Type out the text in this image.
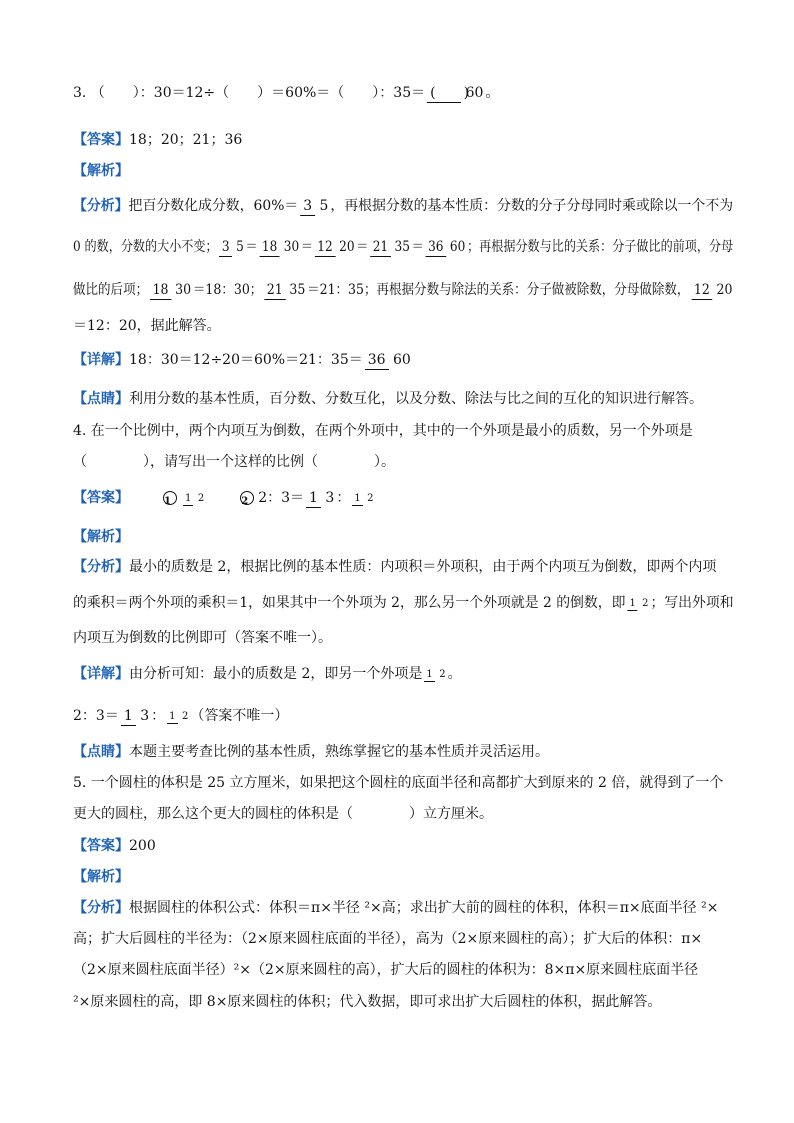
3. （　　）：30＝12÷（　　）＝60%＝（　　）：35＝ (　　) 60 。
【答案】 18；20；21；36
【解析】
【分析】 把百分数化成分数，60%＝ 3 5 ，再根据分数的基本性质：分数的分子分母同时乘或除以一个不为
0 的数，分数的大小不变； 3 5 ＝ 18 30 ＝ 12 20 ＝ 21 35 ＝ 36 60 ；再根据分数与比的关系：分子做比的前项，分母
做比的后项； 18 30 ＝18：30； 21 35 ＝21：35；再根据分数与除法的关系：分子做被除数，分母做除数， 12 20
＝12：20，据此解答。
【详解】 18：30＝12÷20＝60%＝21：35＝ 36 60
【点睛】 利用分数的基本性质，百分数、分数互化，以及分数、除法与比之间的互化的知识进行解答。
4. 在一个比例中，两个内项互为倒数，在两个外项中，其中的一个外项是最小的质数，另一个外项是
（　　　　），请写出一个这样的比例（　　　　）。
【答案】	1	1 2	2 2：3＝ 1 3 ： 1 2
【解析】
【分析】 最小的质数是 2，根据比例的基本性质：内项积＝外项积，由于两个内项互为倒数，即两个内项
的乘积＝两个外项的乘积＝1，如果其中一个外项为 2，那么另一个外项就是 2 的倒数，即 1 2 ；写出外项和
内项互为倒数的比例即可（答案不唯一）。
【详解】 由分析可知：最小的质数是 2，即另一个外项是 1 2 。
2：3＝ 1 3 ： 1 2 （答案不唯一）
【点睛】 本题主要考查比例的基本性质，熟练掌握它的基本性质并灵活运用。
5. 一个圆柱的体积是 25 立方厘米，如果把这个圆柱的底面半径和高都扩大到原来的 2 倍，就得到了一个
更大的圆柱，那么这个更大的圆柱的体积是（　　　　）立方厘米。
【答案】 200
【解析】
【分析】 根据圆柱的体积公式：体积＝π×半径 ²×高；求出扩大前的圆柱的体积，体积＝π×底面半径 ²×
高；扩大后圆柱的半径为：（2×原来圆柱底面的半径），高为（2×原来圆柱的高）；扩大后的体积：π×
（2×原来圆柱底面半径）²×（2×原来圆柱的高），扩大后的圆柱的体积为：8×π×原来圆柱底面半径
²×原来圆柱的高，即 8×原来圆柱的体积；代入数据，即可求出扩大后圆柱的体积，据此解答。
